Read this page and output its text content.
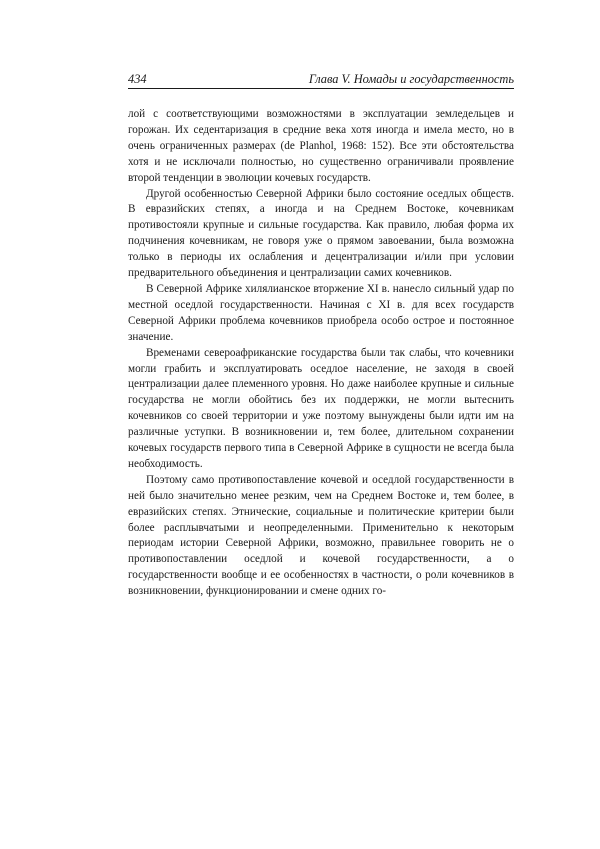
434	Глава V. Номады и государственность

лой с соответствующими возможностями в эксплуатации земледельцев и горожан. Их седентаризация в средние века хотя иногда и имела место, но в очень ограниченных размерах (de Planhol, 1968: 152). Все эти обстоятельства хотя и не исключали полностью, но существенно ограничивали проявление второй тенденции в эволюции кочевых государств.

Другой особенностью Северной Африки было состояние оседлых обществ. В евразийских степях, а иногда и на Среднем Востоке, кочевникам противостояли крупные и сильные государства. Как правило, любая форма их подчинения кочевникам, не говоря уже о прямом завоевании, была возможна только в периоды их ослабления и децентрализации и/или при условии предварительного объединения и централизации самих кочевников.

В Северной Африке хилялианское вторжение XI в. нанесло сильный удар по местной оседлой государственности. Начиная с XI в. для всех государств Северной Африки проблема кочевников приобрела особо острое и постоянное значение.

Временами североафриканские государства были так слабы, что кочевники могли грабить и эксплуатировать оседлое население, не заходя в своей централизации далее племенного уровня. Но даже наиболее крупные и сильные государства не могли обойтись без их поддержки, не могли вытеснить кочевников со своей территории и уже поэтому вынуждены были идти им на различные уступки. В возникновении и, тем более, длительном сохранении кочевых государств первого типа в Северной Африке в сущности не всегда была необходимость.

Поэтому само противопоставление кочевой и оседлой государственности в ней было значительно менее резким, чем на Среднем Востоке и, тем более, в евразийских степях. Этнические, социальные и политические критерии были более расплывчатыми и неопределенными. Применительно к некоторым периодам истории Северной Африки, возможно, правильнее говорить не о противопоставлении оседлой и кочевой государственности, а о государственности вообще и ее особенностях в частности, о роли кочевников в возникновении, функционировании и смене одних го-
